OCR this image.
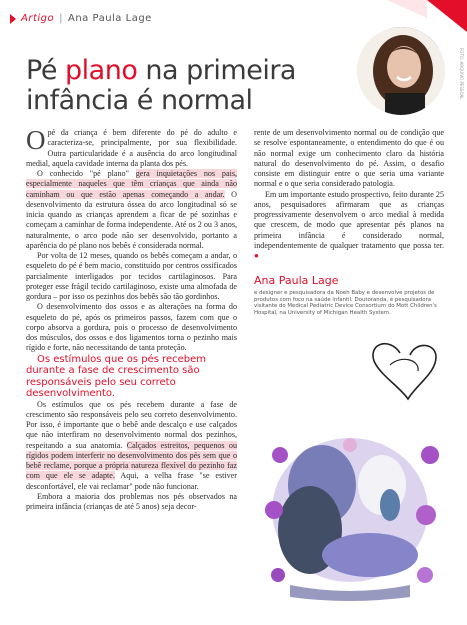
Artigo | Ana Paula Lage
FOTO: ARQUIVO PESSOAL
Pé plano na primeira infância é normal

Opé da criança é bem diferente do pé do adulto e caracteriza-se, principalmente, por sua flexibilidade. Outra particularidade é a ausência do arco longitudinal medial, aquela cavidade interna da planta dos pés.

O conhecido "pé plano" gera inquietações nos pais, especialmente naqueles que têm crianças que ainda não caminham ou que estão apenas começando a andar. O desenvolvimento da estrutura óssea do arco longitudinal só se inicia quando as crianças aprendem a ficar de pé sozinhas e começam a caminhar de forma independente. Até os 2 ou 3 anos, naturalmente, o arco pode não ser desenvolvido, portanto a aparência do pé plano nos bebês é considerada normal.

Por volta de 12 meses, quando os bebês começam a andar, o esqueleto do pé é bem macio, constituído por centros ossificados parcialmente interligados por tecidos cartilaginosos. Para proteger esse frágil tecido cartilaginoso, existe uma almofada de gordura – por isso os pezinhos dos bebês são tão gordinhos.

O desenvolvimento dos ossos e as alterações na forma do esqueleto do pé, após os primeiros passos, fazem com que o corpo absorva a gordura, pois o processo de desenvolvimento dos músculos, dos ossos e dos ligamentos torna o pezinho mais rígido e forte, não necessitando de tanta proteção.

Os estímulos que os pés recebem durante a fase de crescimento são responsáveis pelo seu correto desenvolvimento.

Os estímulos que os pés recebem durante a fase de crescimento são responsáveis pelo seu correto desenvolvimento. Por isso, é importante que o bebê ande descalço e use calçados que não interfiram no desenvolvimento normal dos pezinhos, respeitando a sua anatomia. Calçados estreitos, pequenos ou rígidos podem interferir no desenvolvimento dos pés sem que o bebê reclame, porque a própria natureza flexível do pezinho faz com que ele se adapte. Aqui, a velha frase "se estiver desconfortável, ele vai reclamar" pode não funcionar.

Embora a maioria dos problemas nos pés observados na primeira infância (crianças de até 5 anos) seja decor-

rente de um desenvolvimento normal ou de condição que se resolve espontaneamente, o entendimento do que é ou não normal exige um conhecimento claro da história natural do desenvolvimento do pé. Assim, o desafio consiste em distinguir entre o que seria uma variante normal e o que seria considerado patologia.

Em um importante estudo prospectivo, feito durante 25 anos, pesquisadores afirmaram que as crianças progressivamente desenvolvem o arco medial à medida que crescem, de modo que apresentar pés planos na primeira infância é considerado normal, independentemente de qualquer tratamento que possa ter. ●

Ana Paula Lage
é designer e pesquisadora da Noeh Baby e desenvolve projetos de produtos com foco na saúde infantil. Doutoranda, é pesquisadora visitante do Medical Pediatric Device Consortium do Mott Children's Hospital, na University of Michigan Health System.
